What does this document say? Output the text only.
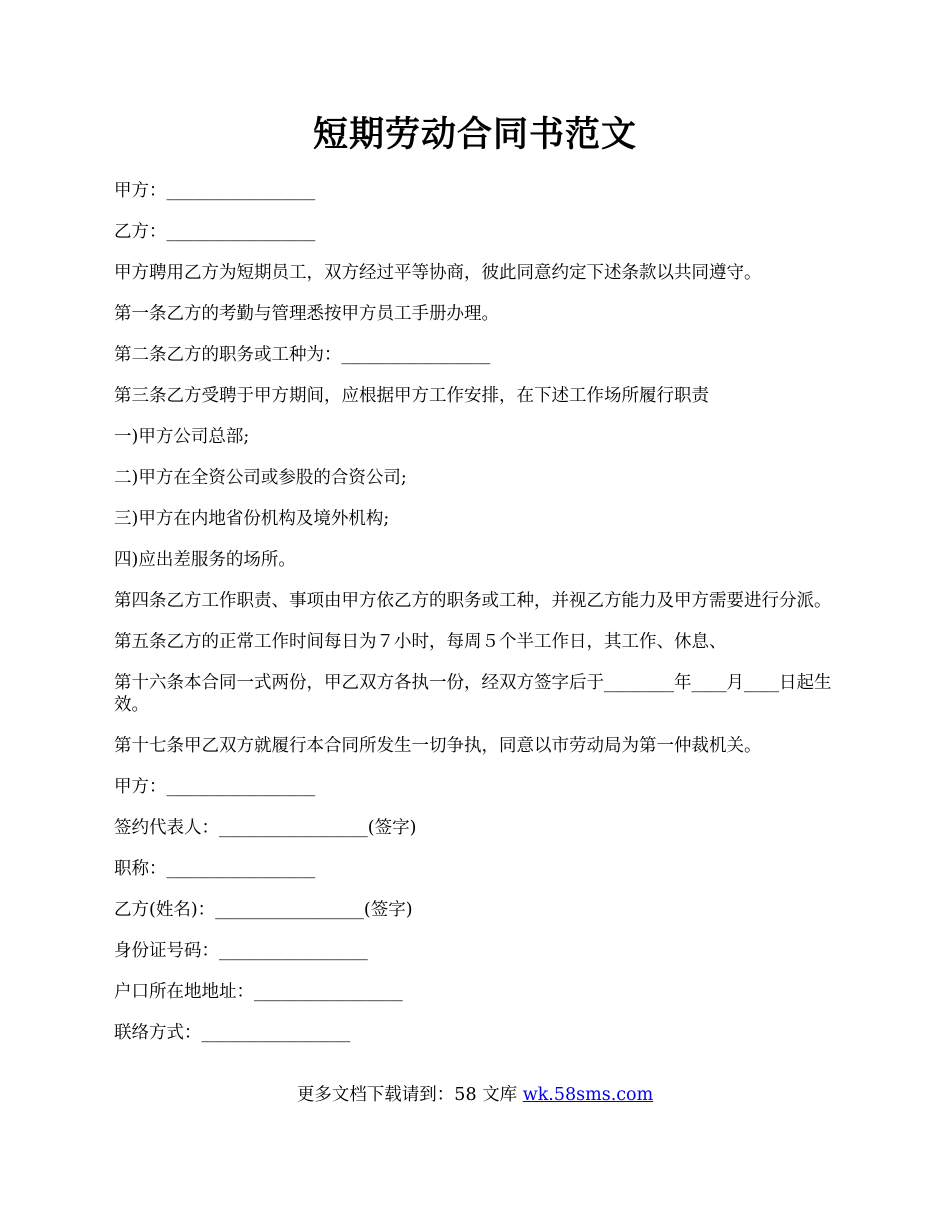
短期劳动合同书范文

甲方：_________________

乙方：_________________

甲方聘用乙方为短期员工，双方经过平等协商，彼此同意约定下述条款以共同遵守。

第一条乙方的考勤与管理悉按甲方员工手册办理。

第二条乙方的职务或工种为：_________________

第三条乙方受聘于甲方期间，应根据甲方工作安排，在下述工作场所履行职责

一)甲方公司总部;

二)甲方在全资公司或参股的合资公司;

三)甲方在内地省份机构及境外机构;

四)应出差服务的场所。

第四条乙方工作职责、事项由甲方依乙方的职务或工种，并视乙方能力及甲方需要进行分派。

第五条乙方的正常工作时间每日为７小时，每周５个半工作日，其工作、休息、

第十六条本合同一式两份，甲乙双方各执一份，经双方签字后于________年____月____日起生效。

第十七条甲乙双方就履行本合同所发生一切争执，同意以市劳动局为第一仲裁机关。

甲方：_________________

签约代表人：_________________(签字)

职称：_________________

乙方(姓名)：_________________(签字)

身份证号码：_________________

户口所在地地址：_________________

联络方式：_________________

更多文档下载请到：58 文库 wk.58sms.com
